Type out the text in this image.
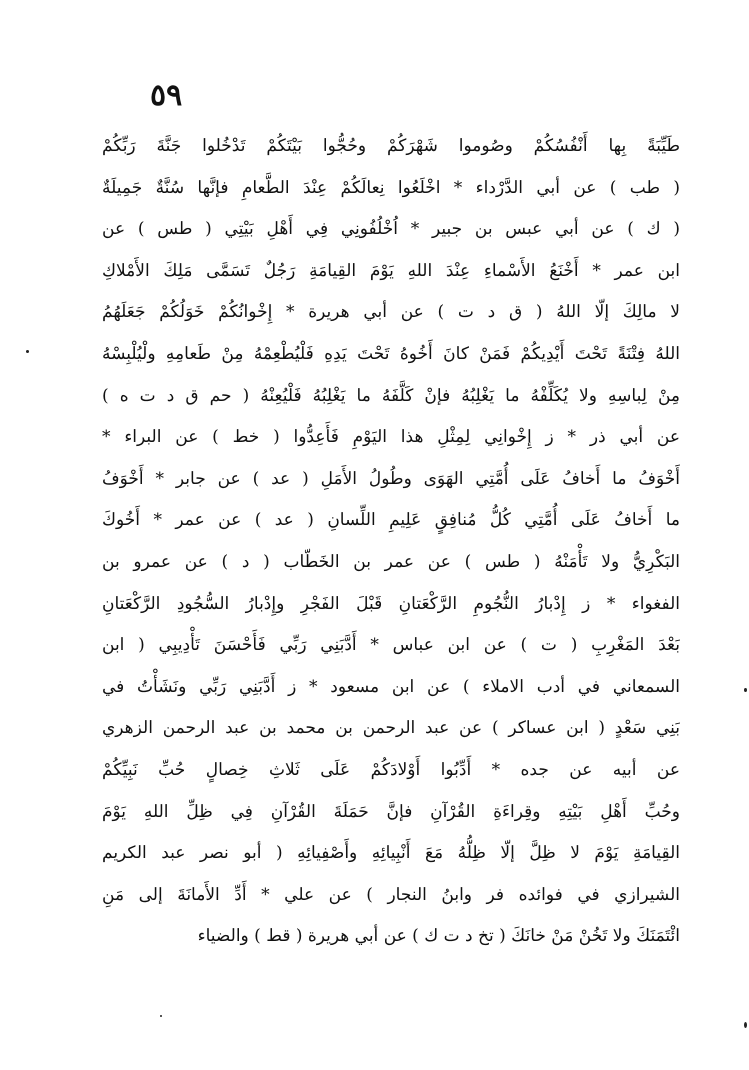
٥٩
طَيِّبَةً بِها أَنْفُسُكُمْ وصُوموا شَهْرَكُمْ وحُجُّوا بَيْتَكُمْ تَدْخُلوا جَنَّةَ رَبِّكُمْ
( طب ) عن أبي الدَّرْداء * اخْلَعُوا نِعالَكُمْ عِنْدَ الطَّعامِ فإنَّها سُنَّةٌ جَمِيلَةٌ
( ك ) عن أبي عبس بن جبير * اُخْلُفُونِي فِي أَهْلِ بَيْتِي ( طس ) عن
ابن عمر * أَخْنَعُ الأَسْماءِ عِنْدَ اللهِ يَوْمَ القِيامَةِ رَجُلٌ تَسَمَّى مَلِكَ الأَمْلاكِ
لا مالِكَ إلّا اللهُ ( ق د ت ) عن أبي هريرة * إِخْوانُكُمْ خَوَلُكُمْ جَعَلَهُمُ
اللهُ فِتْنَةً تَحْتَ أَيْدِيكُمْ فَمَنْ كانَ أَخُوهُ تَحْتَ يَدِهِ فَلْيُطْعِمْهُ مِنْ طَعامِهِ ولْيُلْبِسْهُ
مِنْ لِباسِهِ ولا يُكَلِّفْهُ ما يَغْلِبُهُ فإنْ كَلَّفَهُ ما يَغْلِبُهُ فَلْيُعِنْهُ ( حم ق د ت ه )
عن أبي ذر * ز إِخْوانِي لِمِثْلِ هذا اليَوْمِ فَأَعِدُّوا ( خط ) عن البراء *
أَخْوَفُ ما أَخافُ عَلَى أُمَّتِي الهَوَى وطُولُ الأَمَلِ ( عد ) عن جابر * أَخْوَفُ
ما أَخافُ عَلَى أُمَّتِي كُلُّ مُنافِقٍ عَلِيمِ اللِّسانِ ( عد ) عن عمر * أَخُوكَ
البَكْرِيُّ ولا تَأْمَنْهُ ( طس ) عن عمر بن الخَطّاب ( د ) عن عمرو بن
الفغواء * ز إِدْبارُ النُّجُومِ الرَّكْعَتانِ قَبْلَ الفَجْرِ وإِدْبارُ السُّجُودِ الرَّكْعَتانِ
بَعْدَ المَغْرِبِ ( ت ) عن ابن عباس * أَدَّبَنِي رَبِّي فَأَحْسَنَ تَأْدِيبِي ( ابن
السمعاني في أدب الاملاء ) عن ابن مسعود * ز أَدَّبَنِي رَبِّي ونَشَأْتُ في
بَنِي سَعْدٍ ( ابن عساكر ) عن عبد الرحمن بن محمد بن عبد الرحمن الزهري
عن أبيه عن جده * أَدِّبُوا أَوْلادَكُمْ عَلَى ثَلاثِ خِصالٍ حُبِّ نَبِيِّكُمْ
وحُبِّ أَهْلِ بَيْتِهِ وقِراءَةِ القُرْآنِ فإنَّ حَمَلَةَ القُرْآنِ فِي ظِلِّ اللهِ يَوْمَ
القِيامَةِ يَوْمَ لا ظِلَّ إلّا ظِلُّهُ مَعَ أَنْبِيائِهِ وأَصْفِيائِهِ ( أبو نصر عبد الكريم
الشيرازي في فوائده فر وابنُ النجار ) عن علي * أَدِّ الأَمانَةَ إلى مَنِ
ائْتَمَنَكَ ولا تَخُنْ مَنْ خانَكَ ( تخ د ت ك ) عن أبي هريرة ( قط ) والضياء
